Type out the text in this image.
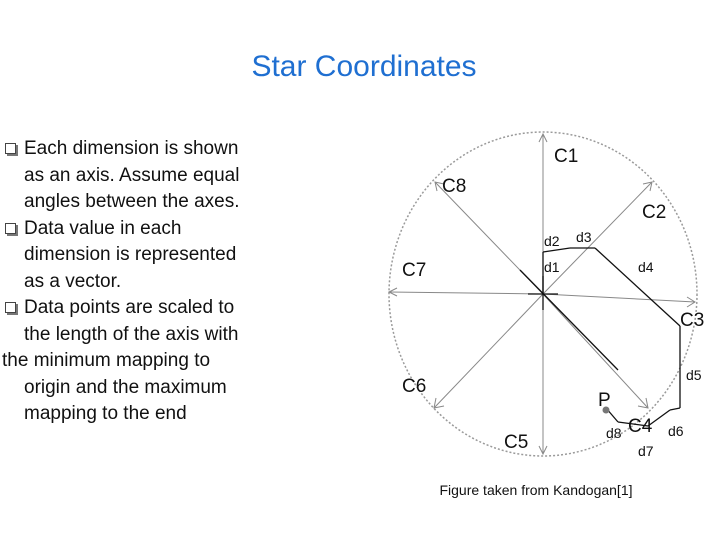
Star Coordinates
Each dimension is shown
as an axis. Assume equal
angles between the axes.
Data value in each
dimension is represented
as a vector.
Data points are scaled to
the length of the axis with
the minimum mapping to
origin and the maximum
mapping to the end
C1
C2
C3
C4
C5
C6
C7
C8
P
d2 d3
d1	d4
d5
d8	d6
d7
Figure taken from Kandogan[1]
